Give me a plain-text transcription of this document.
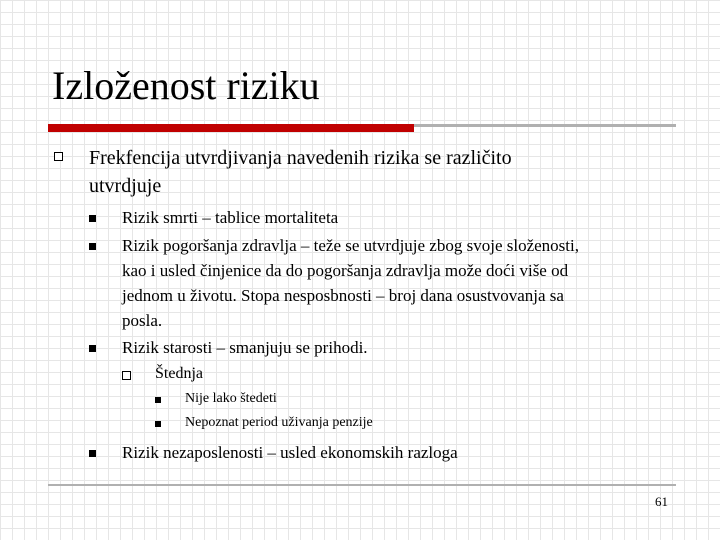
Izloženost riziku
Frekfencija utvrdjivanja navedenih rizika se različito
utvrdjuje
Rizik smrti – tablice mortaliteta
Rizik pogoršanja zdravlja – teže se utvrdjuje zbog svoje složenosti,
kao i usled činjenice da do pogoršanja zdravlja može doći više od
jednom u životu. Stopa nesposbnosti – broj dana osustvovanja sa
posla.
Rizik starosti – smanjuju se prihodi.
Štednja
Nije lako štedeti
Nepoznat period uživanja penzije
Rizik nezaposlenosti – usled ekonomskih razloga
61
